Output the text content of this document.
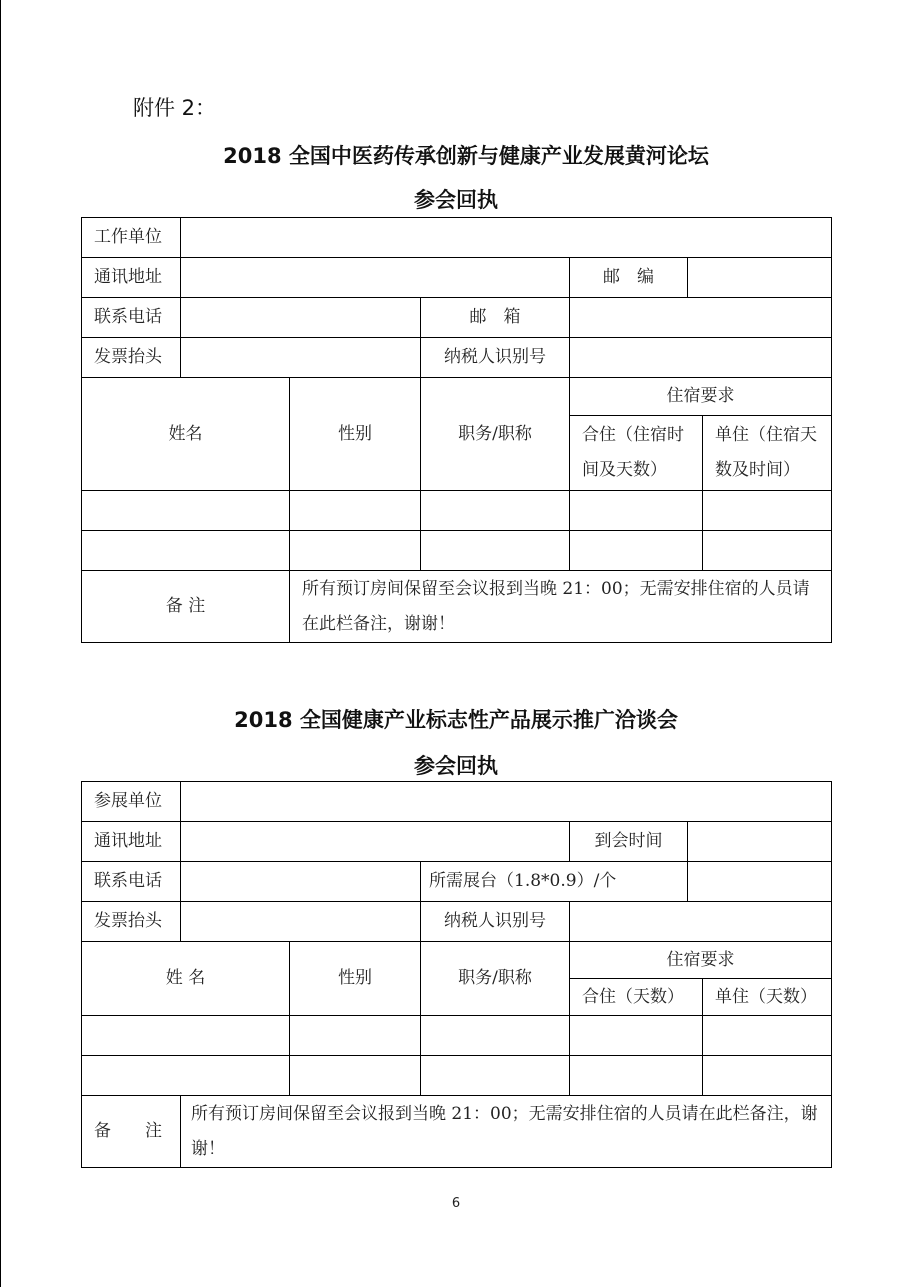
附件 2：
2018 全国中医药传承创新与健康产业发展黄河论坛
参会回执
工作单位						
通讯地址				邮　编		
联系电话			邮　箱			
发票抬头			纳税人识别号			
姓名		性别	职务/职称	住宿要求		
				合住（住宿时间及天数）		单住（住宿天数及时间）

备 注		所有预订房间保留至会议报到当晚 21：00；无需安排住宿的人员请在此栏备注，谢谢！				
2018 全国健康产业标志性产品展示推广洽谈会
参会回执
参展单位						
通讯地址				到会时间		
联系电话			所需展台（1.8*0.9）/个			
发票抬头			纳税人识别号			
姓 名		性别	职务/职称	住宿要求		
				合住（天数）		单住（天数）

备　　注	所有预订房间保留至会议报到当晚 21：00；无需安排住宿的人员请在此栏备注，谢谢！					
6
